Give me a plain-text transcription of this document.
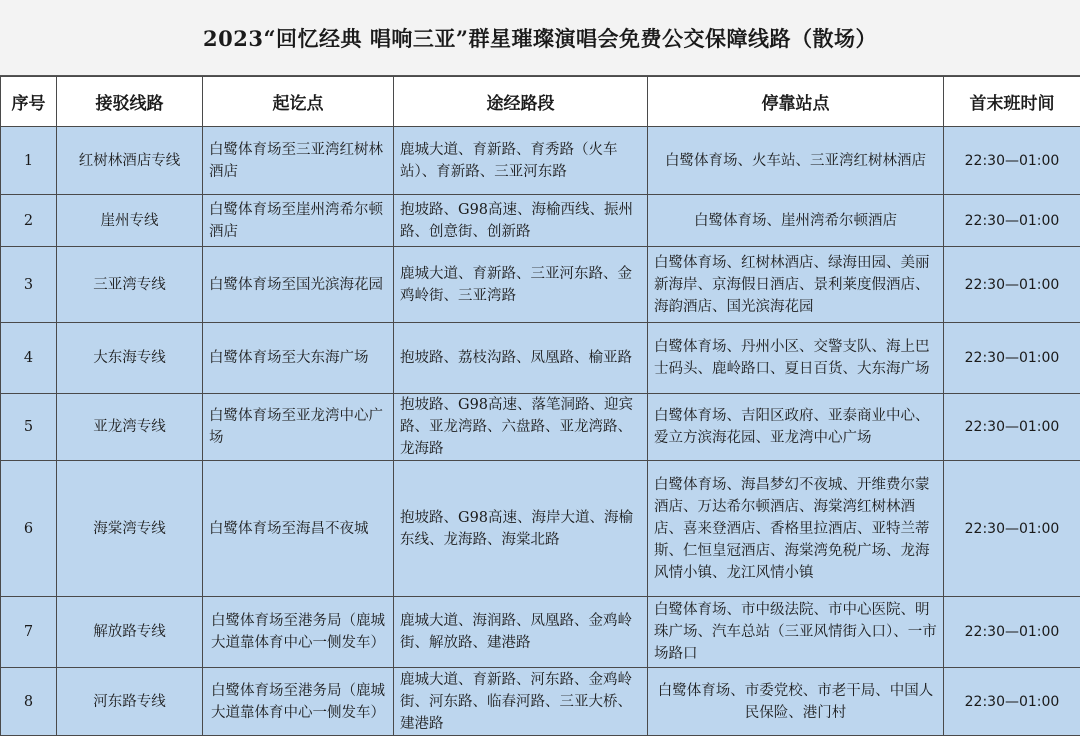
2023“回忆经典 唱响三亚”群星璀璨演唱会免费公交保障线路（散场）
序号	接驳线路	起讫点	途经路段	停靠站点	首末班时间
1	红树林酒店专线	白鹭体育场至三亚湾红树林酒店	鹿城大道、育新路、育秀路（火车站）、育新路、三亚河东路	白鹭体育场、火车站、三亚湾红树林酒店	22:30—01:00
2	崖州专线	白鹭体育场至崖州湾希尔顿酒店	抱坡路、G98高速、海榆西线、振州路、创意街、创新路	白鹭体育场、崖州湾希尔顿酒店	22:30—01:00
3	三亚湾专线	白鹭体育场至国光滨海花园	鹿城大道、育新路、三亚河东路、金鸡岭街、三亚湾路	白鹭体育场、红树林酒店、绿海田园、美丽新海岸、京海假日酒店、景利莱度假酒店、海韵酒店、国光滨海花园	22:30—01:00
4	大东海专线	白鹭体育场至大东海广场	抱坡路、荔枝沟路、凤凰路、榆亚路	白鹭体育场、丹州小区、交警支队、海上巴士码头、鹿岭路口、夏日百货、大东海广场	22:30—01:00
5	亚龙湾专线	白鹭体育场至亚龙湾中心广场	抱坡路、G98高速、落笔洞路、迎宾路、亚龙湾路、六盘路、亚龙湾路、龙海路	白鹭体育场、吉阳区政府、亚泰商业中心、爱立方滨海花园、亚龙湾中心广场	22:30—01:00
6	海棠湾专线	白鹭体育场至海昌不夜城	抱坡路、G98高速、海岸大道、海榆东线、龙海路、海棠北路	白鹭体育场、海昌梦幻不夜城、开维费尔蒙酒店、万达希尔顿酒店、海棠湾红树林酒店、喜来登酒店、香格里拉酒店、亚特兰蒂斯、仁恒皇冠酒店、海棠湾免税广场、龙海风情小镇、龙江风情小镇	22:30—01:00
7	解放路专线	白鹭体育场至港务局（鹿城大道靠体育中心一侧发车）	鹿城大道、海润路、凤凰路、金鸡岭街、解放路、建港路	白鹭体育场、市中级法院、市中心医院、明珠广场、汽车总站（三亚风情街入口）、一市场路口	22:30—01:00
8	河东路专线	白鹭体育场至港务局（鹿城大道靠体育中心一侧发车）	鹿城大道、育新路、河东路、金鸡岭街、河东路、临春河路、三亚大桥、建港路	白鹭体育场、市委党校、市老干局、中国人民保险、港门村	22:30—01:00
